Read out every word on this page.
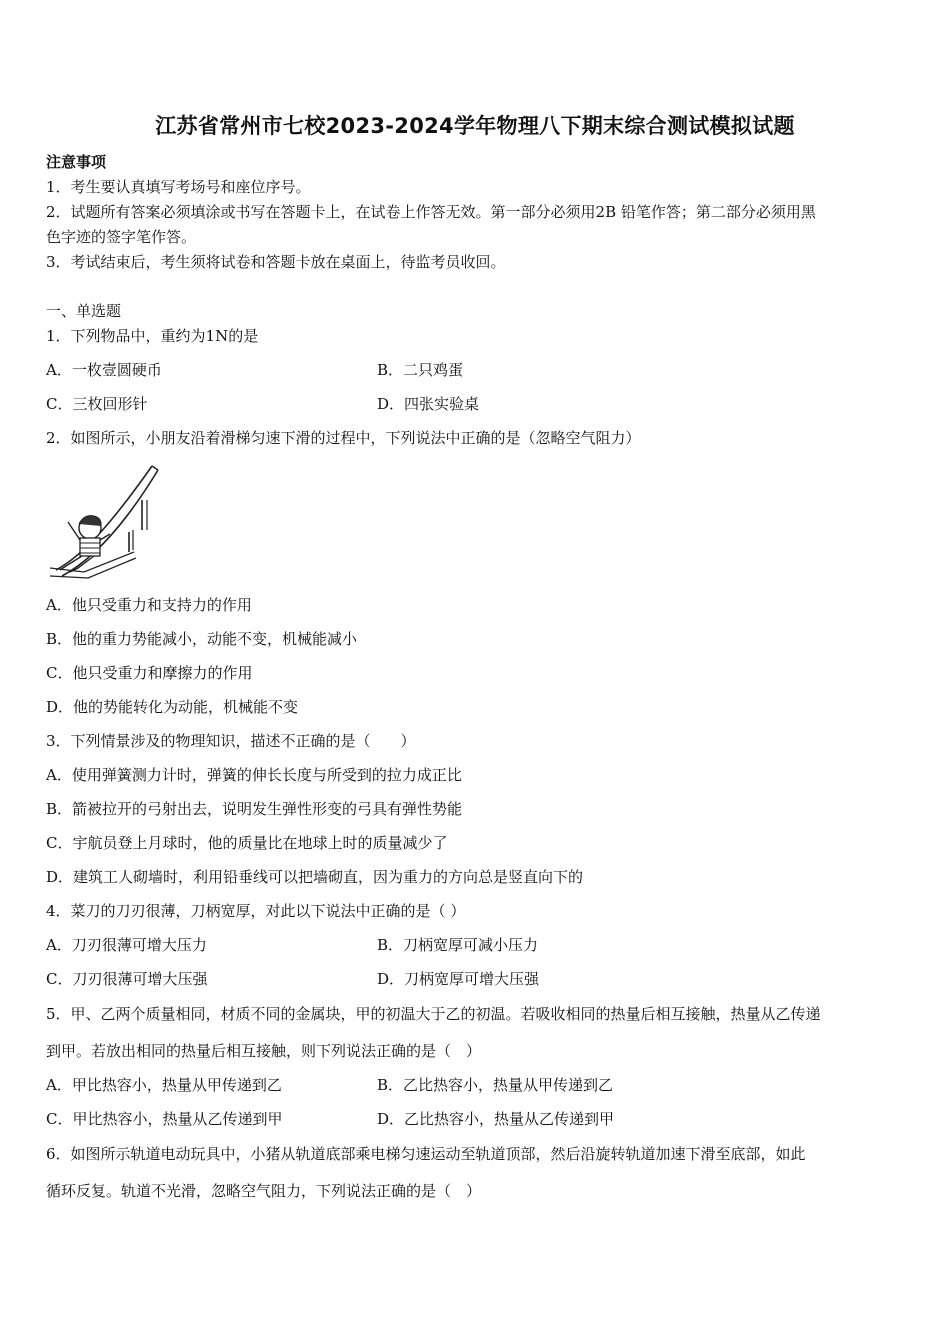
江苏省常州市七校2023-2024学年物理八下期末综合测试模拟试题
注意事项
1．考生要认真填写考场号和座位序号。
2．试题所有答案必须填涂或书写在答题卡上，在试卷上作答无效。第一部分必须用2B 铅笔作答；第二部分必须用黑
色字迹的签字笔作答。
3．考试结束后，考生须将试卷和答题卡放在桌面上，待监考员收回。
一、单选题
1．下列物品中，重约为1N的是
A．一枚壹圆硬币	B．二只鸡蛋
C．三枚回形针	D．四张实验桌
2．如图所示，小朋友沿着滑梯匀速下滑的过程中，下列说法中正确的是（忽略空气阻力）
A．他只受重力和支持力的作用
B．他的重力势能减小，动能不变，机械能减小
C．他只受重力和摩擦力的作用
D．他的势能转化为动能，机械能不变
3．下列情景涉及的物理知识，描述不正确的是（　　）
A．使用弹簧测力计时，弹簧的伸长长度与所受到的拉力成正比
B．箭被拉开的弓射出去，说明发生弹性形变的弓具有弹性势能
C．宇航员登上月球时，他的质量比在地球上时的质量减少了
D．建筑工人砌墙时，利用铅垂线可以把墙砌直，因为重力的方向总是竖直向下的
4．菜刀的刀刃很薄，刀柄宽厚，对此以下说法中正确的是（ ）
A．刀刃很薄可增大压力	B．刀柄宽厚可减小压力
C．刀刃很薄可增大压强	D．刀柄宽厚可增大压强
5．甲、乙两个质量相同，材质不同的金属块，甲的初温大于乙的初温。若吸收相同的热量后相互接触，热量从乙传递
到甲。若放出相同的热量后相互接触，则下列说法正确的是（　）
A．甲比热容小，热量从甲传递到乙	B．乙比热容小，热量从甲传递到乙
C．甲比热容小，热量从乙传递到甲	D．乙比热容小，热量从乙传递到甲
6．如图所示轨道电动玩具中，小猪从轨道底部乘电梯匀速运动至轨道顶部，然后沿旋转轨道加速下滑至底部，如此
循环反复。轨道不光滑，忽略空气阻力，下列说法正确的是（　）
